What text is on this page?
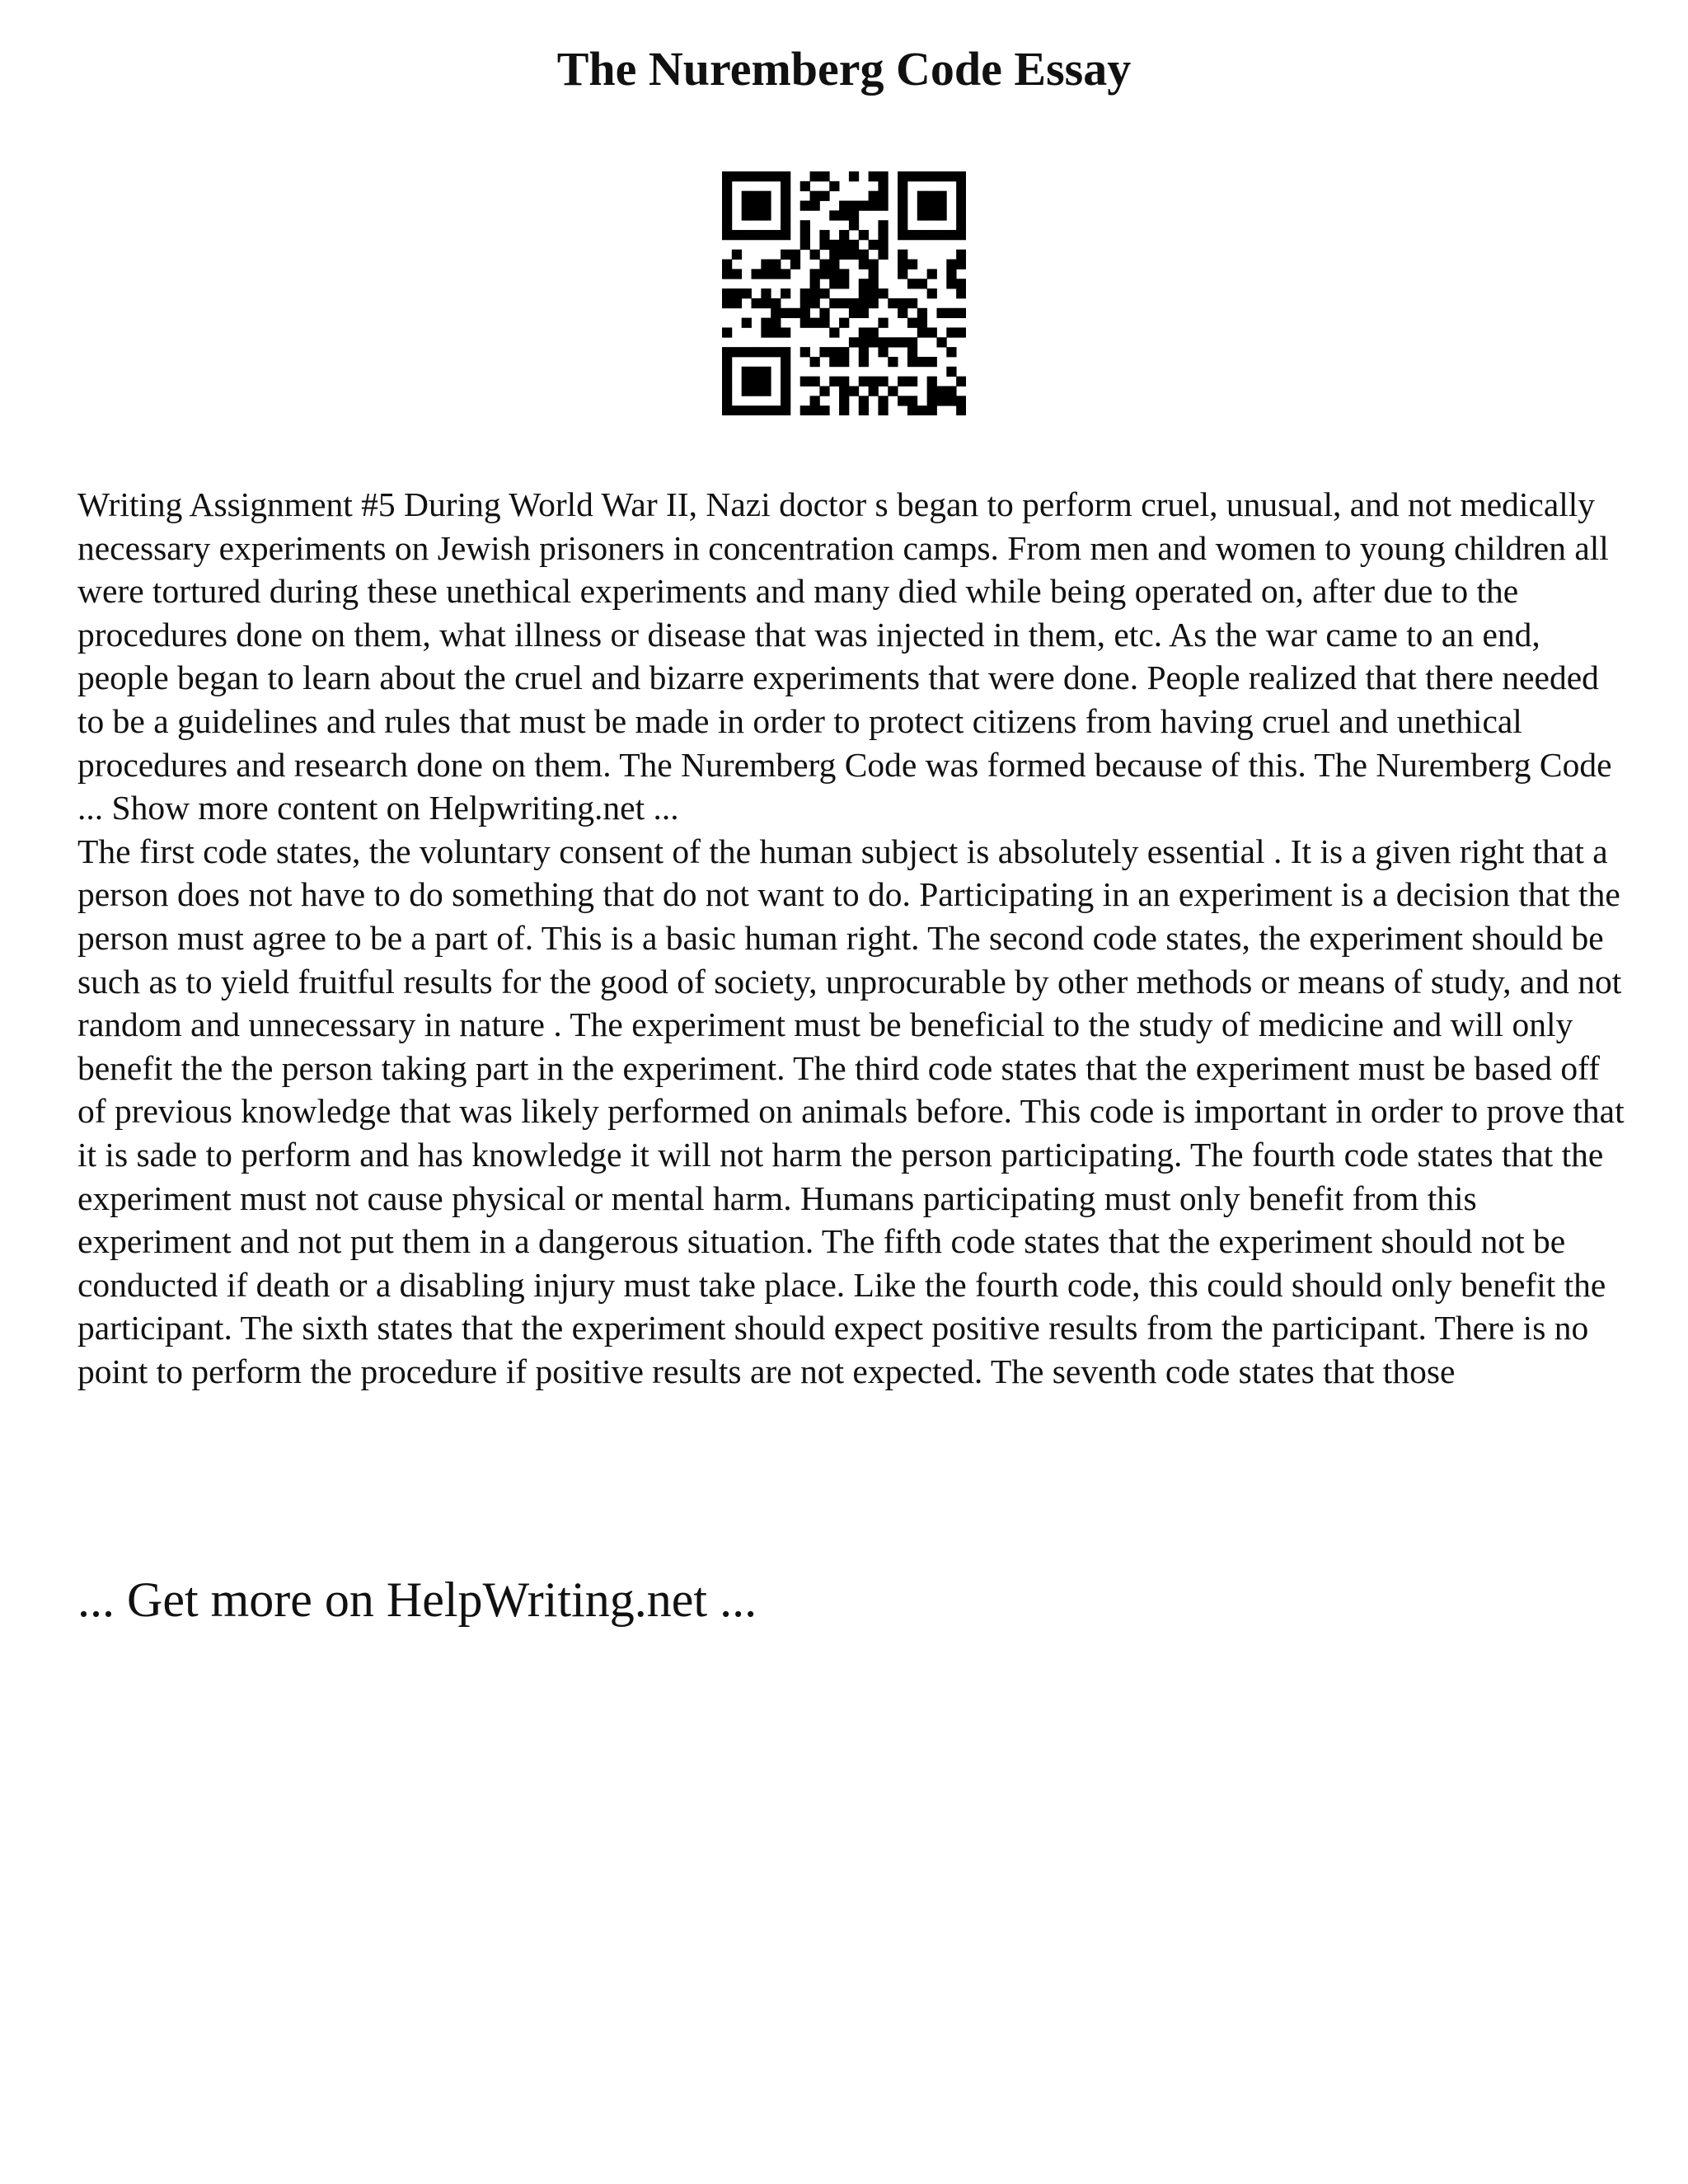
The Nuremberg Code Essay

Writing Assignment #5 During World War II, Nazi doctor s began to perform cruel, unusual, and not medically necessary experiments on Jewish prisoners in concentration camps. From men and women to young children all were tortured during these unethical experiments and many died while being operated on, after due to the procedures done on them, what illness or disease that was injected in them, etc. As the war came to an end, people began to learn about the cruel and bizarre experiments that were done. People realized that there needed to be a guidelines and rules that must be made in order to protect citizens from having cruel and unethical procedures and research done on them. The Nuremberg Code was formed because of this. The Nuremberg Code ... Show more content on Helpwriting.net ...

The first code states, the voluntary consent of the human subject is absolutely essential . It is a given right that a person does not have to do something that do not want to do. Participating in an experiment is a decision that the person must agree to be a part of. This is a basic human right. The second code states, the experiment should be such as to yield fruitful results for the good of society, unprocurable by other methods or means of study, and not random and unnecessary in nature . The experiment must be beneficial to the study of medicine and will only benefit the the person taking part in the experiment. The third code states that the experiment must be based off of previous knowledge that was likely performed on animals before. This code is important in order to prove that it is sade to perform and has knowledge it will not harm the person participating. The fourth code states that the experiment must not cause physical or mental harm. Humans participating must only benefit from this experiment and not put them in a dangerous situation. The fifth code states that the experiment should not be conducted if death or a disabling injury must take place. Like the fourth code, this could should only benefit the participant. The sixth states that the experiment should expect positive results from the participant. There is no point to perform the procedure if positive results are not expected. The seventh code states that those

... Get more on HelpWriting.net ...
